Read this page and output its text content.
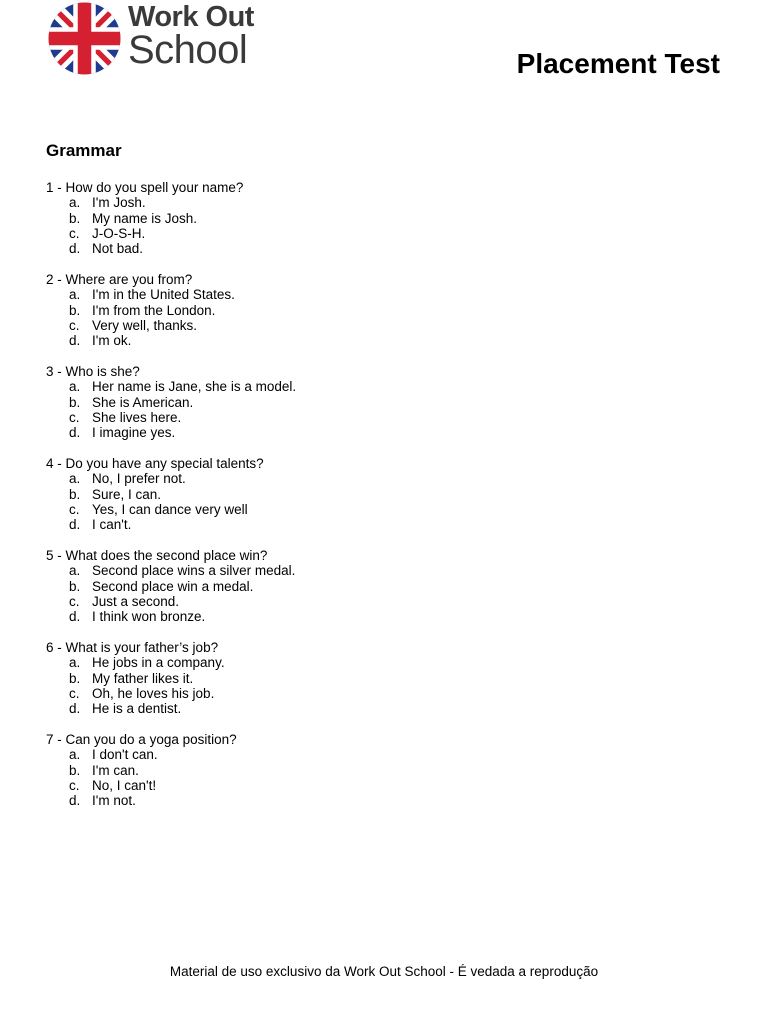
Work Out
School	Placement Test
Grammar
1 - How do you spell your name?
a. I'm Josh.
b. My name is Josh.
c. J-O-S-H.
d. Not bad.
2 - Where are you from?
a. I'm in the United States.
b. I'm from the London.
c. Very well, thanks.
d. I'm ok.
3 - Who is she?
a. Her name is Jane, she is a model.
b. She is American.
c. She lives here.
d. I imagine yes.
4 - Do you have any special talents?
a. No, I prefer not.
b. Sure, I can.
c. Yes, I can dance very well
d. I can't.
5 - What does the second place win?
a. Second place wins a silver medal.
b. Second place win a medal.
c. Just a second.
d. I think won bronze.
6 - What is your father’s job?
a. He jobs in a company.
b. My father likes it.
c. Oh, he loves his job.
d. He is a dentist.
7 - Can you do a yoga position?
a. I don't can.
b. I'm can.
c. No, I can't!
d. I'm not.

Material de uso exclusivo da Work Out School - É vedada a reprodução
